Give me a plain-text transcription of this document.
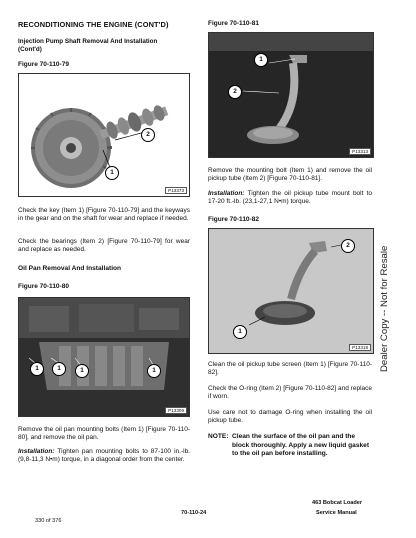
RECONDITIONING THE ENGINE (CONT'D)
Injection Pump Shaft Removal And Installation
(Cont'd)
Figure 70-110-79
2
1
P13373
Check the key (Item 1) [Figure 70-110-79] and the keyways in the gear and on the shaft for wear and replace if needed.
Check the bearings (Item 2) [Figure 70-110-79] for wear and replace as needed.
Oil Pan Removal And Installation
Figure 70-110-80
1	1	1	1
P13309
Remove the oil pan mounting bolts (Item 1) [Figure 70-110-80], and remove the oil pan.
Installation: Tighten pan mounting bolts to 87-100 in.-lb. (9,8-11,3 N•m) torque, in a diagonal order from the center.
Figure 70-110-81
1
2
P13313
Remove the mounting bolt (Item 1) and remove the oil pickup tube (Item 2) [Figure 70-110-81].
Installation: Tighten the oil pickup tube mount bolt to 17-20 ft.-lb. (23,1-27,1 N•m) torque.
Figure 70-110-82
2
1
P13318
Clean the oil pickup tube screen (Item 1) [Figure 70-110-82].
Check the O-ring (Item 2) [Figure 70-110-82] and replace if worn.
Use care not to damage O-ring when installing the oil pickup tube.
NOTE: Clean the surface of the oil pan and the block thoroughly. Apply a new liquid gasket to the oil pan before installing.
Dealer Copy -- Not for Resale
463 Bobcat Loader
70-110-24	Service Manual
330 of 376
